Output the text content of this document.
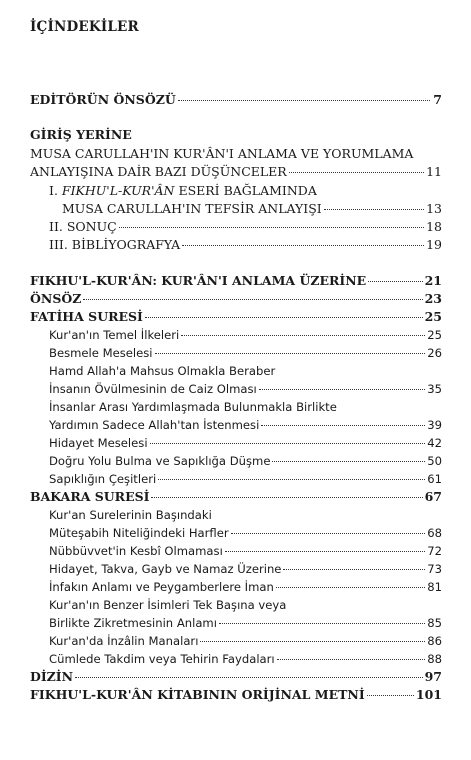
İÇİNDEKİLER
EDİTÖRÜN ÖNSÖZÜ	7
GİRİŞ YERİNE
MUSA CARULLAH'IN KUR'ÂN'I ANLAMA VE YORUMLAMA
ANLAYIŞINA DAİR BAZI DÜŞÜNCELER	11
I. FIKHU'L-KUR'ÂN ESERİ BAĞLAMINDA
MUSA CARULLAH'IN TEFSİR ANLAYIŞI	13
II. SONUÇ	18
III. BİBLİYOGRAFYA	19
FIKHU'L-KUR'ÂN: KUR'ÂN'I ANLAMA ÜZERİNE	21
ÖNSÖZ	23
FATİHA SURESİ	25
Kur'an'ın Temel İlkeleri	25
Besmele Meselesi	26
Hamd Allah'a Mahsus Olmakla Beraber
İnsanın Övülmesinin de Caiz Olması	35
İnsanlar Arası Yardımlaşmada Bulunmakla Birlikte
Yardımın Sadece Allah'tan İstenmesi	39
Hidayet Meselesi	42
Doğru Yolu Bulma ve Sapıklığa Düşme	50
Sapıklığın Çeşitleri	61
BAKARA SURESİ	67
Kur'an Surelerinin Başındaki
Müteşabih Niteliğindeki Harfler	68
Nübbüvvet'in Kesbî Olmaması	72
Hidayet, Takva, Gayb ve Namaz Üzerine	73
İnfakın Anlamı ve Peygamberlere İman	81
Kur'an'ın Benzer İsimleri Tek Başına veya
Birlikte Zikretmesinin Anlamı	85
Kur'an'da İnzâlin Manaları	86
Cümlede Takdim veya Tehirin Faydaları	88
DİZİN	97
FIKHU'L-KUR'ÂN KİTABININ ORİJİNAL METNİ	101
